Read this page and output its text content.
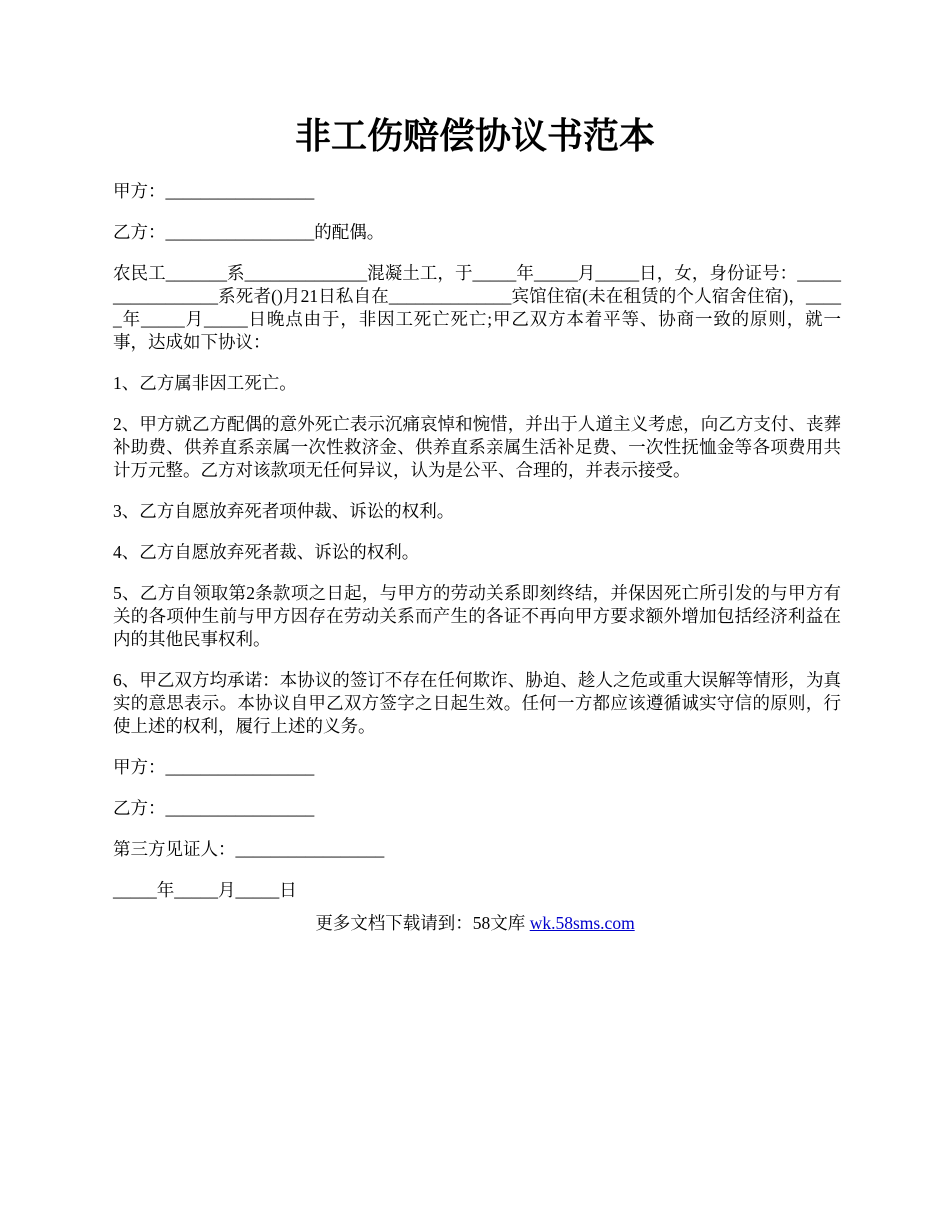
非工伤赔偿协议书范本

甲方：_________________

乙方：_________________的配偶。

农民工_______系______________混凝土工，于_____年_____月_____日，女，身份证号：_________________系死者()月21日私自在______________宾馆住宿(未在租赁的个人宿舍住宿)，_____年_____月_____日晚点由于，非因工死亡死亡;甲乙双方本着平等、协商一致的原则，就一事，达成如下协议：

1、乙方属非因工死亡。

2、甲方就乙方配偶的意外死亡表示沉痛哀悼和惋惜，并出于人道主义考虑，向乙方支付、丧葬补助费、供养直系亲属一次性救济金、供养直系亲属生活补足费、一次性抚恤金等各项费用共计万元整。乙方对该款项无任何异议，认为是公平、合理的，并表示接受。

3、乙方自愿放弃死者项仲裁、诉讼的权利。

4、乙方自愿放弃死者裁、诉讼的权利。

5、乙方自领取第2条款项之日起，与甲方的劳动关系即刻终结，并保因死亡所引发的与甲方有关的各项仲生前与甲方因存在劳动关系而产生的各证不再向甲方要求额外增加包括经济利益在内的其他民事权利。

6、甲乙双方均承诺：本协议的签订不存在任何欺诈、胁迫、趁人之危或重大误解等情形，为真实的意思表示。本协议自甲乙双方签字之日起生效。任何一方都应该遵循诚实守信的原则，行使上述的权利，履行上述的义务。

甲方：_________________

乙方：_________________

第三方见证人：_________________

_____年_____月_____日

更多文档下载请到：58文库 wk.58sms.com
